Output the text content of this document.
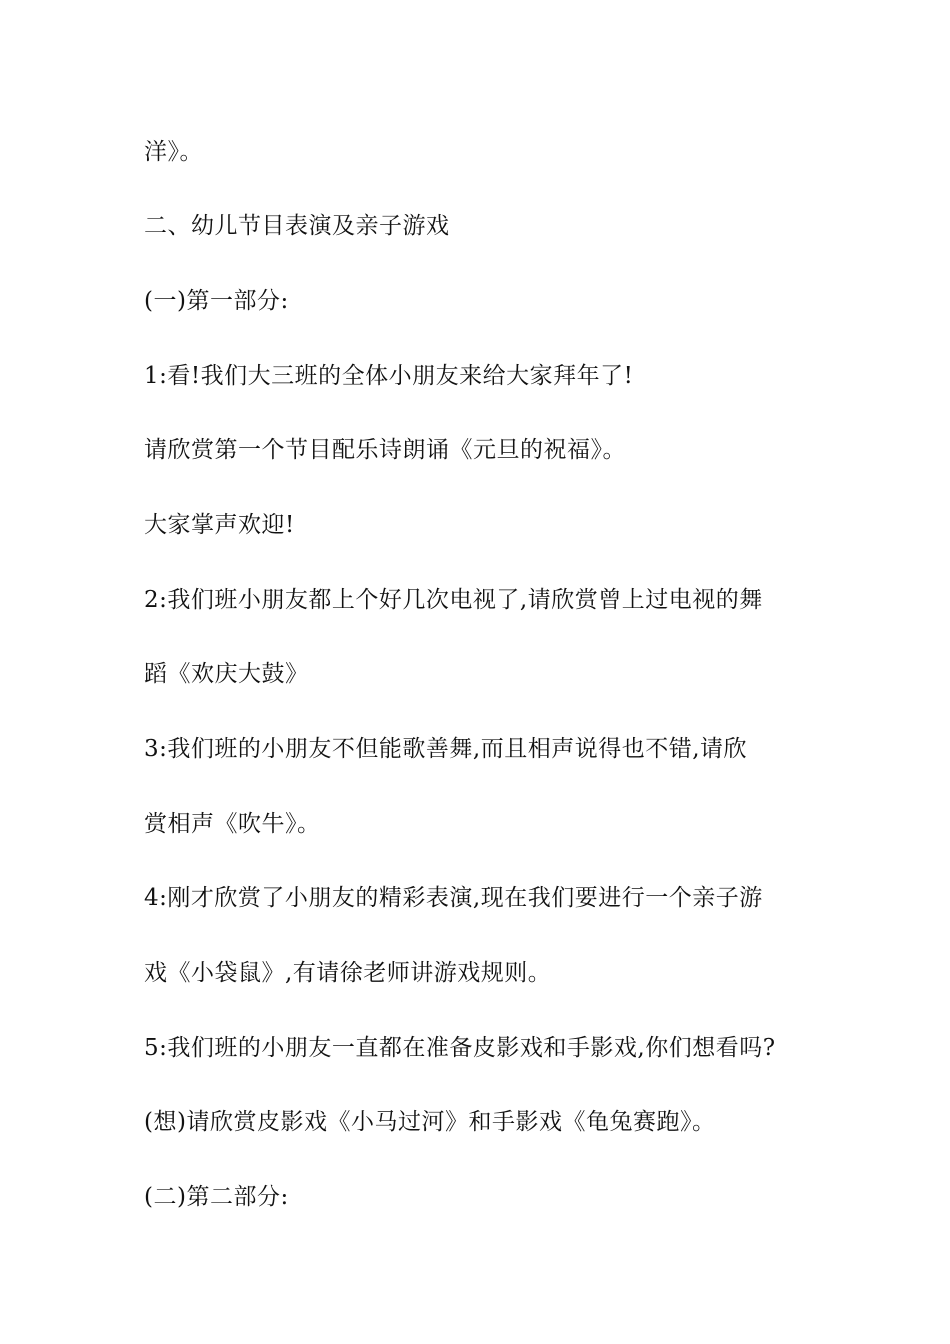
洋》。
二、幼儿节目表演及亲子游戏
(一)第一部分:
1:看!我们大三班的全体小朋友来给大家拜年了!
请欣赏第一个节目配乐诗朗诵《元旦的祝福》。
大家掌声欢迎!
2:我们班小朋友都上个好几次电视了,请欣赏曾上过电视的舞
蹈《欢庆大鼓》
3:我们班的小朋友不但能歌善舞,而且相声说得也不错,请欣
赏相声《吹牛》。
4:刚才欣赏了小朋友的精彩表演,现在我们要进行一个亲子游
戏《小袋鼠》,有请徐老师讲游戏规则。
5:我们班的小朋友一直都在准备皮影戏和手影戏,你们想看吗?
(想)请欣赏皮影戏《小马过河》和手影戏《龟兔赛跑》。
(二)第二部分:
